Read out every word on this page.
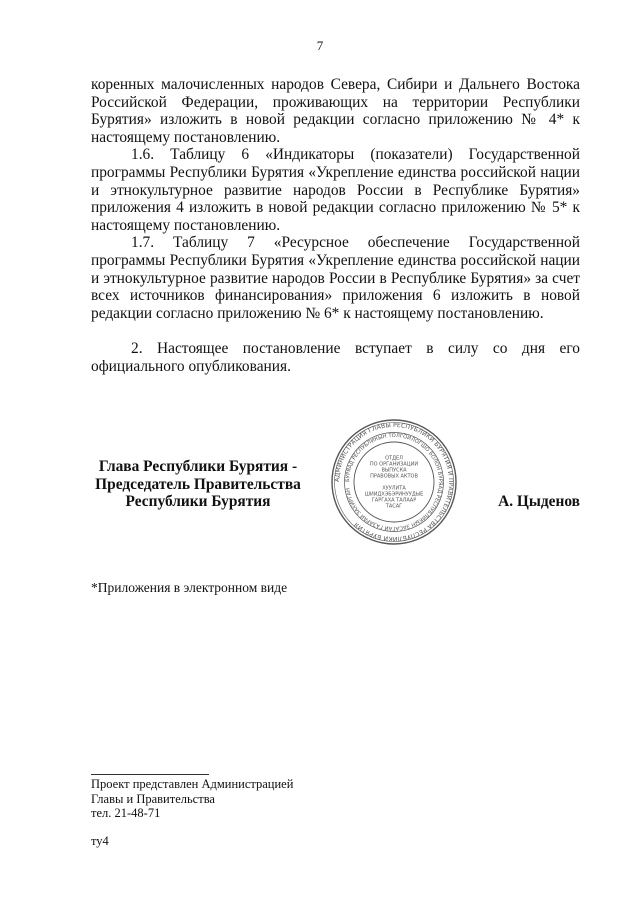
7

коренных малочисленных народов Севера, Сибири и Дальнего Востока Российской Федерации, проживающих на территории Республики Бурятия» изложить в новой редакции согласно приложению № 4* к настоящему постановлению.

1.6. Таблицу 6 «Индикаторы (показатели) Государственной программы Республики Бурятия «Укрепление единства российской нации и этнокультурное развитие народов России в Республике Бурятия» приложения 4 изложить в новой редакции согласно приложению № 5* к настоящему постановлению.

1.7. Таблицу 7 «Ресурсное обеспечение Государственной программы Республики Бурятия «Укрепление единства российской нации и этнокультурное развитие народов России в Республике Бурятия» за счет всех источников финансирования» приложения 6 изложить в новой редакции согласно приложению № 6* к настоящему постановлению.

2. Настоящее постановление вступает в силу со дня его официального опубликования.

Глава Республики Бурятия -
Председатель Правительства
Республики Бурятия
АДМИНИСТРАЦИЯ ГЛАВЫ РЕСПУБЛИКИ БУРЯТИЯ И ПРАВИТЕЛЬСТВА РЕСПУБЛИКИ БУРЯТИЯ
БУРЯАД РЕСПУБЛИКЫН ТОЛГОЙЛОГШО БОЛОН БУРЯАД РЕСПУБЛИКЫН ЗАСАГАЙ ГАЗАРАЙ ЗАХИРГАН
ОТДЕЛ
ПО ОРГАНИЗАЦИИ
ВЫПУСКА
ПРАВОВЫХ АКТОВ
ХУУЛИТА
ШИИДХЭБЭРИНУУДЫЕ
ГАРГАХА ТАЛААР
ТАСАГ	А. Цыденов
*Приложения в электронном виде
Проект представлен Администрацией
Главы и Правительства
тел. 21-48-71
ту4
